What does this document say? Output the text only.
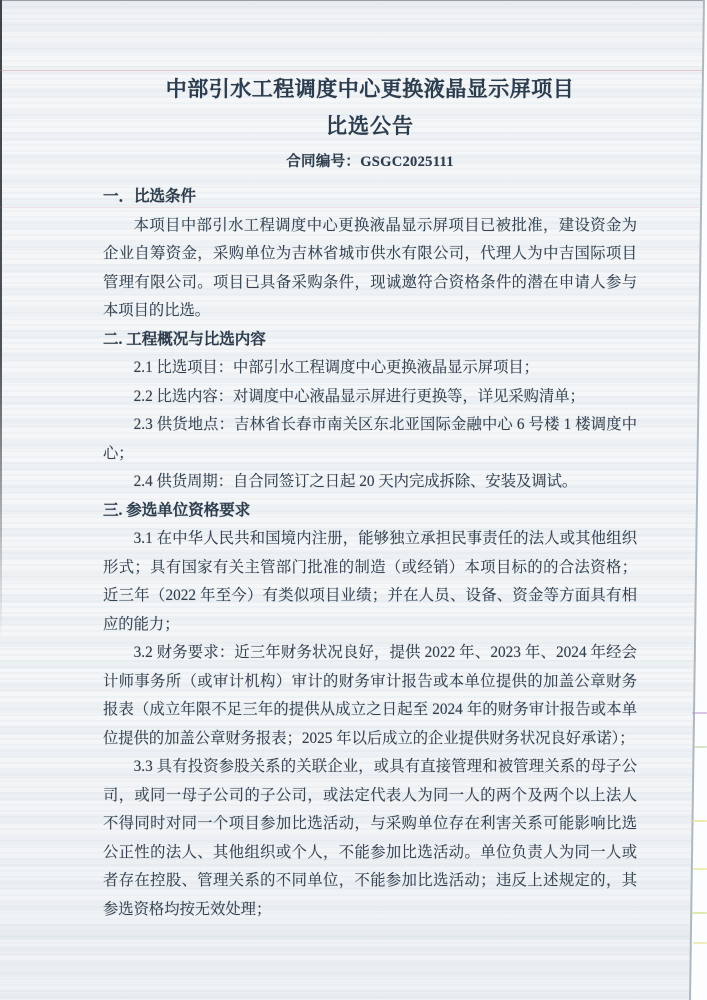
中部引水工程调度中心更换液晶显示屏项目
比选公告
合同编号：GSGC2025111
一．比选条件

本项目中部引水工程调度中心更换液晶显示屏项目已被批准，建设资金为企业自筹资金，采购单位为吉林省城市供水有限公司，代理人为中吉国际项目管理有限公司。项目已具备采购条件，现诚邀符合资格条件的潜在申请人参与本项目的比选。

二. 工程概况与比选内容

2.1 比选项目：中部引水工程调度中心更换液晶显示屏项目；

2.2 比选内容：对调度中心液晶显示屏进行更换等，详见采购清单；

2.3 供货地点：吉林省长春市南关区东北亚国际金融中心 6 号楼 1 楼调度中心；

2.4 供货周期：自合同签订之日起 20 天内完成拆除、安装及调试。

三. 参选单位资格要求

3.1 在中华人民共和国境内注册，能够独立承担民事责任的法人或其他组织形式；具有国家有关主管部门批准的制造（或经销）本项目标的的合法资格；近三年（2022 年至今）有类似项目业绩；并在人员、设备、资金等方面具有相应的能力；

3.2 财务要求：近三年财务状况良好，提供 2022 年、2023 年、2024 年经会计师事务所（或审计机构）审计的财务审计报告或本单位提供的加盖公章财务报表（成立年限不足三年的提供从成立之日起至 2024 年的财务审计报告或本单位提供的加盖公章财务报表；2025 年以后成立的企业提供财务状况良好承诺）；

3.3 具有投资参股关系的关联企业，或具有直接管理和被管理关系的母子公司，或同一母子公司的子公司，或法定代表人为同一人的两个及两个以上法人不得同时对同一个项目参加比选活动，与采购单位存在利害关系可能影响比选公正性的法人、其他组织或个人，不能参加比选活动。单位负责人为同一人或者存在控股、管理关系的不同单位，不能参加比选活动；违反上述规定的，其参选资格均按无效处理；
